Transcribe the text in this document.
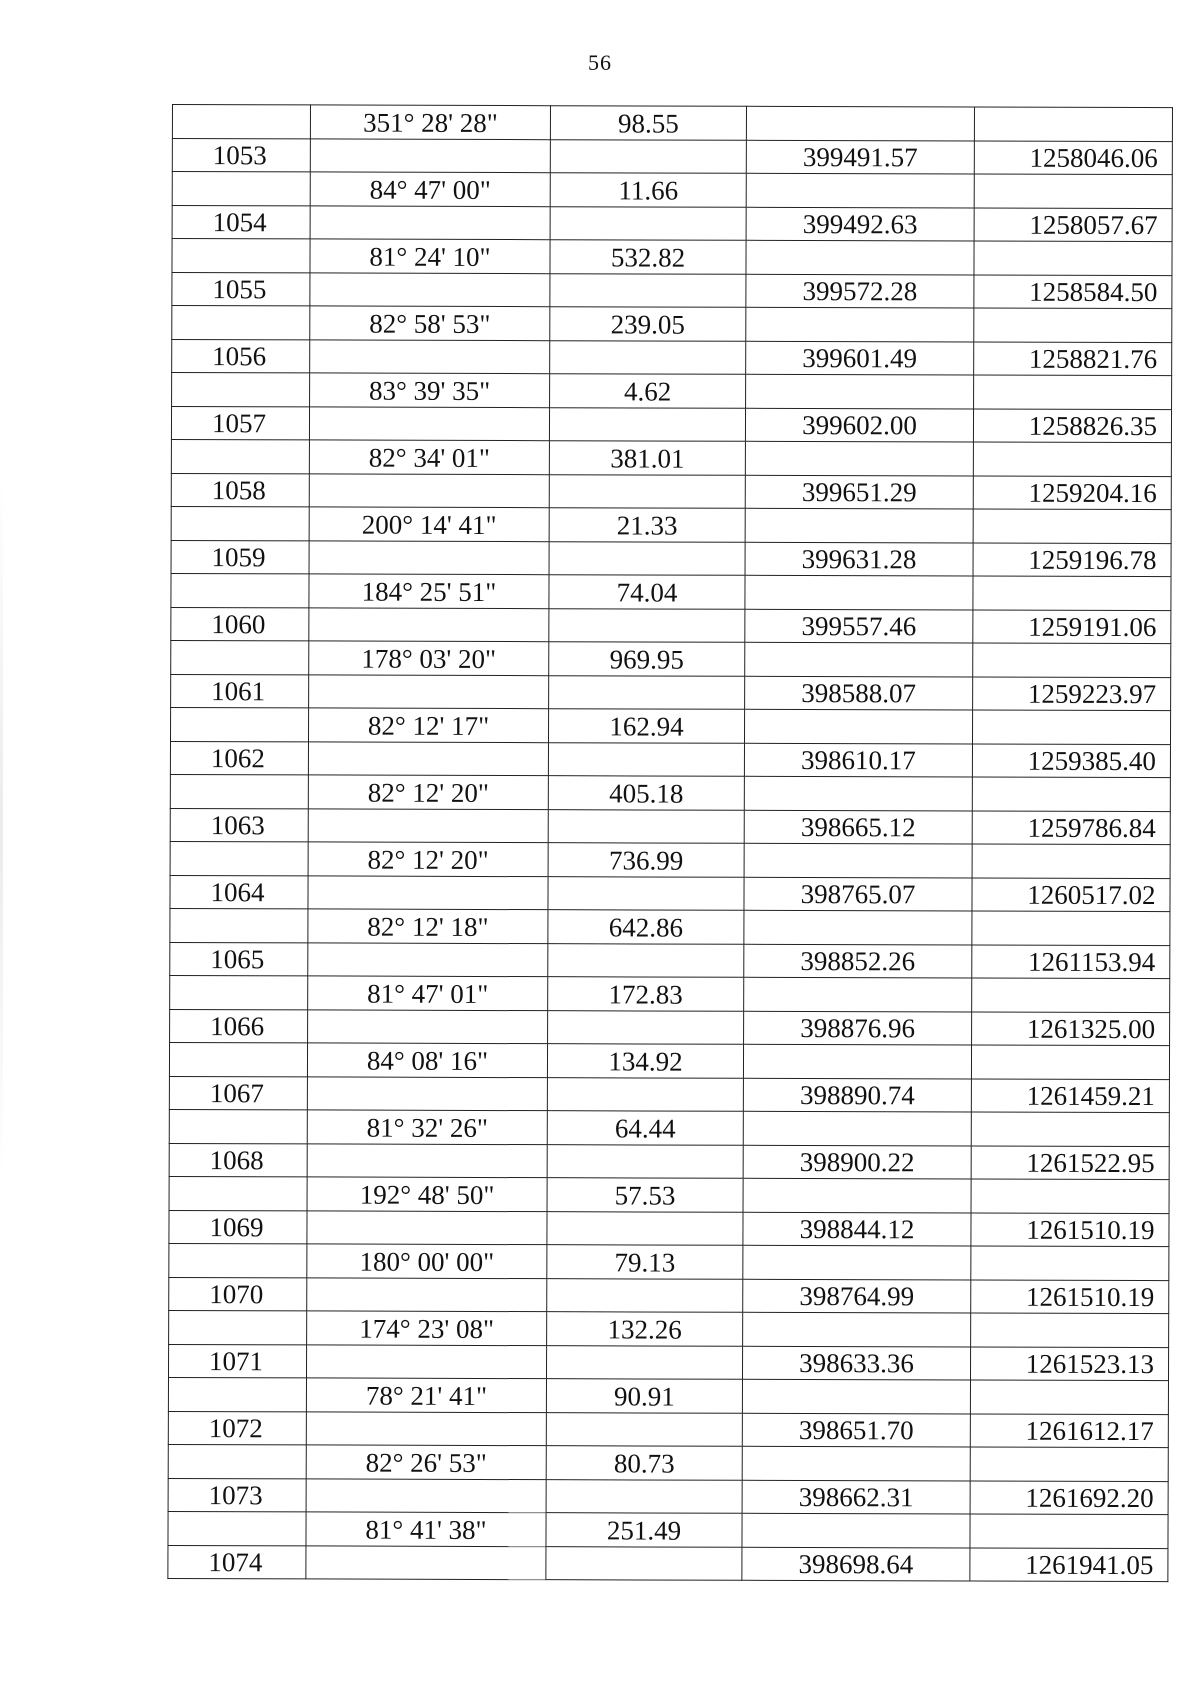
56
	351° 28' 28"	98.55		
1053			399491.57	1258046.06
	84° 47' 00"	11.66		
1054			399492.63	1258057.67
	81° 24' 10"	532.82		
1055			399572.28	1258584.50
	82° 58' 53"	239.05		
1056			399601.49	1258821.76
	83° 39' 35"	4.62		
1057			399602.00	1258826.35
	82° 34' 01"	381.01		
1058			399651.29	1259204.16
	200° 14' 41"	21.33		
1059			399631.28	1259196.78
	184° 25' 51"	74.04		
1060			399557.46	1259191.06
	178° 03' 20"	969.95		
1061			398588.07	1259223.97
	82° 12' 17"	162.94		
1062			398610.17	1259385.40
	82° 12' 20"	405.18		
1063			398665.12	1259786.84
	82° 12' 20"	736.99		
1064			398765.07	1260517.02
	82° 12' 18"	642.86		
1065			398852.26	1261153.94
	81° 47' 01"	172.83		
1066			398876.96	1261325.00
	84° 08' 16"	134.92		
1067			398890.74	1261459.21
	81° 32' 26"	64.44		
1068			398900.22	1261522.95
	192° 48' 50"	57.53		
1069			398844.12	1261510.19
	180° 00' 00"	79.13		
1070			398764.99	1261510.19
	174° 23' 08"	132.26		
1071			398633.36	1261523.13
	78° 21' 41"	90.91		
1072			398651.70	1261612.17
	82° 26' 53"	80.73		
1073			398662.31	1261692.20
	81° 41' 38"	251.49		
1074			398698.64	1261941.05
